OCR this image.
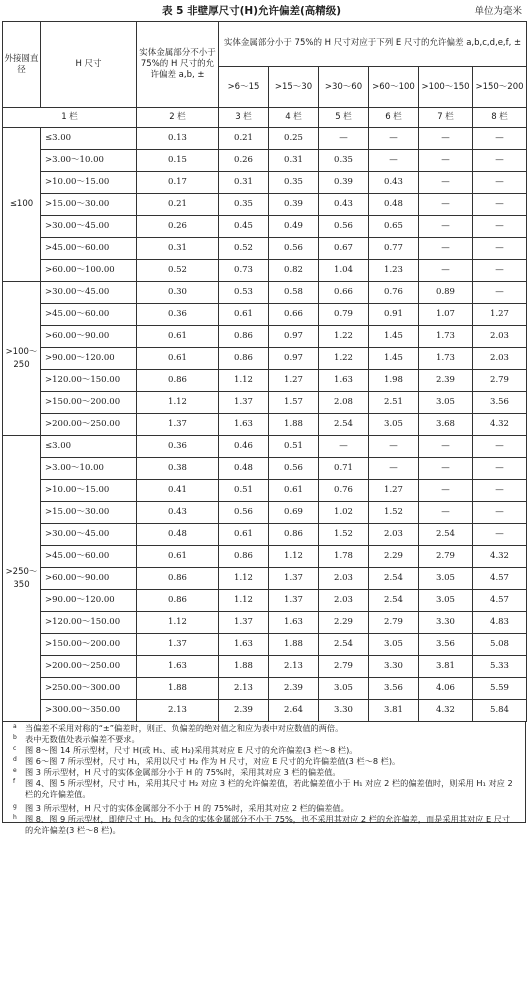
表 5 非壁厚尺寸(H)允许偏差(高精级)	单位为毫米
外接圆直径	H 尺寸	实体金属部分不小于 75%的 H 尺寸的允许偏差 a,b, ±	实体金属部分小于 75%的 H 尺寸对应于下列 E 尺寸的允许偏差 a,b,c,d,e,f, ±					
			>6～15	>15～30	>30～60	>60～100	>100～150	>150～200
1 栏		2 栏	3 栏	4 栏	5 栏	6 栏	7 栏	8 栏
≤100	≤3.00	0.13	0.21	0.25	—	—	—	—
	>3.00～10.00	0.15	0.26	0.31	0.35	—	—	—
	>10.00～15.00	0.17	0.31	0.35	0.39	0.43	—	—
	>15.00～30.00	0.21	0.35	0.39	0.43	0.48	—	—
	>30.00～45.00	0.26	0.45	0.49	0.56	0.65	—	—
	>45.00～60.00	0.31	0.52	0.56	0.67	0.77	—	—
	>60.00～100.00	0.52	0.73	0.82	1.04	1.23	—	—
>100～250	>30.00～45.00	0.30	0.53	0.58	0.66	0.76	0.89	—
	>45.00～60.00	0.36	0.61	0.66	0.79	0.91	1.07	1.27
	>60.00～90.00	0.61	0.86	0.97	1.22	1.45	1.73	2.03
	>90.00～120.00	0.61	0.86	0.97	1.22	1.45	1.73	2.03
	>120.00～150.00	0.86	1.12	1.27	1.63	1.98	2.39	2.79
	>150.00～200.00	1.12	1.37	1.57	2.08	2.51	3.05	3.56
	>200.00～250.00	1.37	1.63	1.88	2.54	3.05	3.68	4.32
>250～350	≤3.00	0.36	0.46	0.51	—	—	—	—
	>3.00～10.00	0.38	0.48	0.56	0.71	—	—	—
	>10.00～15.00	0.41	0.51	0.61	0.76	1.27	—	—
	>15.00～30.00	0.43	0.56	0.69	1.02	1.52	—	—
	>30.00～45.00	0.48	0.61	0.86	1.52	2.03	2.54	—
	>45.00～60.00	0.61	0.86	1.12	1.78	2.29	2.79	4.32
	>60.00～90.00	0.86	1.12	1.37	2.03	2.54	3.05	4.57
	>90.00～120.00	0.86	1.12	1.37	2.03	2.54	3.05	4.57
	>120.00～150.00	1.12	1.37	1.63	2.29	2.79	3.30	4.83
	>150.00～200.00	1.37	1.63	1.88	2.54	3.05	3.56	5.08
	>200.00～250.00	1.63	1.88	2.13	2.79	3.30	3.81	5.33
	>250.00～300.00	1.88	2.13	2.39	3.05	3.56	4.06	5.59
	>300.00～350.00	2.13	2.39	2.64	3.30	3.81	4.32	5.84
a	当偏差不采用对称的“±”偏差时，则正、负偏差的绝对值之和应为表中对应数值的两倍。
b 表中无数值处表示偏差不要求。
c	图 8～图 14 所示型材，尺寸 H(或 H₁、或 H₂)采用其对应 E 尺寸的允许偏差(3 栏～8 栏)。
d 图 6～图 7 所示型材，尺寸 H₁，采用以尺寸 H₂ 作为 H 尺寸，对应 E 尺寸的允许偏差值(3 栏～8 栏)。
e	图 3 所示型材，H 尺寸的实体金属部分小于 H 的 75%时，采用其对应 3 栏的偏差值。
f	图 4、图 5 所示型材，尺寸 H₁，采用其尺寸 H₂ 对应 3 栏的允许偏差值，若此偏差值小于 H₁ 对应 2 栏的偏差值时，则采用 H₁ 对应 2 栏的允许偏差值。
g 图 3 所示型材，H 尺寸的实体金属部分不小于 H 的 75%时，采用其对应 2 栏的偏差值。
h 图 8、图 9 所示型材，即使尺寸 H₁、H₂ 包含的实体金属部分不小于 75%，也不采用其对应 2 栏的允许偏差，而是采用其对应 E 尺寸的允许偏差(3 栏～8 栏)。
